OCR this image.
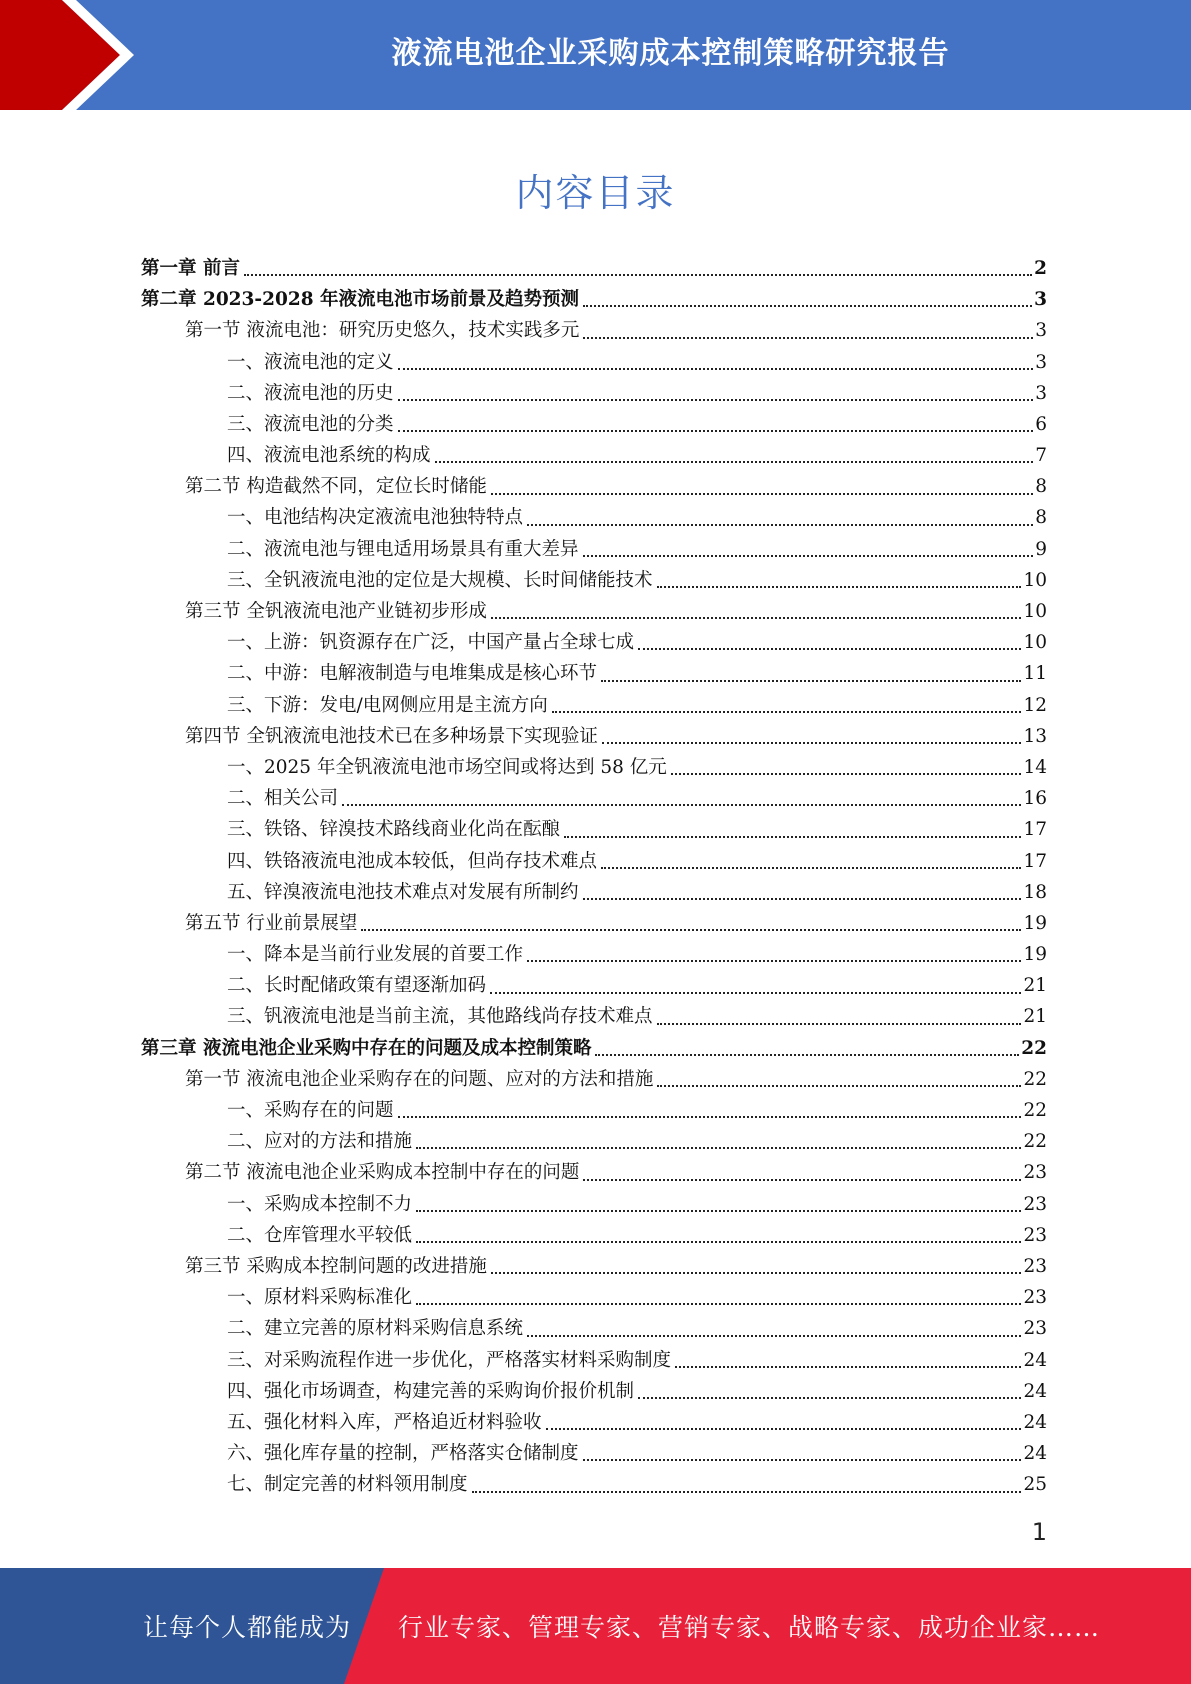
液流电池企业采购成本控制策略研究报告
内容目录
第一章 前言	2
第二章 2023-2028 年液流电池市场前景及趋势预测	3
第一节 液流电池：研究历史悠久，技术实践多元	3
一、液流电池的定义	3
二、液流电池的历史	3
三、液流电池的分类	6
四、液流电池系统的构成	7
第二节 构造截然不同，定位长时储能	8
一、电池结构决定液流电池独特特点	8
二、液流电池与锂电适用场景具有重大差异	9
三、全钒液流电池的定位是大规模、长时间储能技术	10
第三节 全钒液流电池产业链初步形成	10
一、上游：钒资源存在广泛，中国产量占全球七成	10
二、中游：电解液制造与电堆集成是核心环节	11
三、下游：发电/电网侧应用是主流方向	12
第四节 全钒液流电池技术已在多种场景下实现验证	13
一、2025 年全钒液流电池市场空间或将达到 58 亿元	14
二、相关公司	16
三、铁铬、锌溴技术路线商业化尚在酝酿	17
四、铁铬液流电池成本较低，但尚存技术难点	17
五、锌溴液流电池技术难点对发展有所制约	18
第五节 行业前景展望	19
一、降本是当前行业发展的首要工作	19
二、长时配储政策有望逐渐加码	21
三、钒液流电池是当前主流，其他路线尚存技术难点	21
第三章 液流电池企业采购中存在的问题及成本控制策略	22
第一节 液流电池企业采购存在的问题、应对的方法和措施	22
一、采购存在的问题	22
二、应对的方法和措施	22
第二节 液流电池企业采购成本控制中存在的问题	23
一、采购成本控制不力	23
二、仓库管理水平较低	23
第三节 采购成本控制问题的改进措施	23
一、原材料采购标准化	23
二、建立完善的原材料采购信息系统	23
三、对采购流程作进一步优化，严格落实材料采购制度	24
四、强化市场调查，构建完善的采购询价报价机制	24
五、强化材料入库，严格追近材料验收	24
六、强化库存量的控制，严格落实仓储制度	24
七、制定完善的材料领用制度	25
1
让每个人都能成为 行业专家、管理专家、营销专家、战略专家、成功企业家……
